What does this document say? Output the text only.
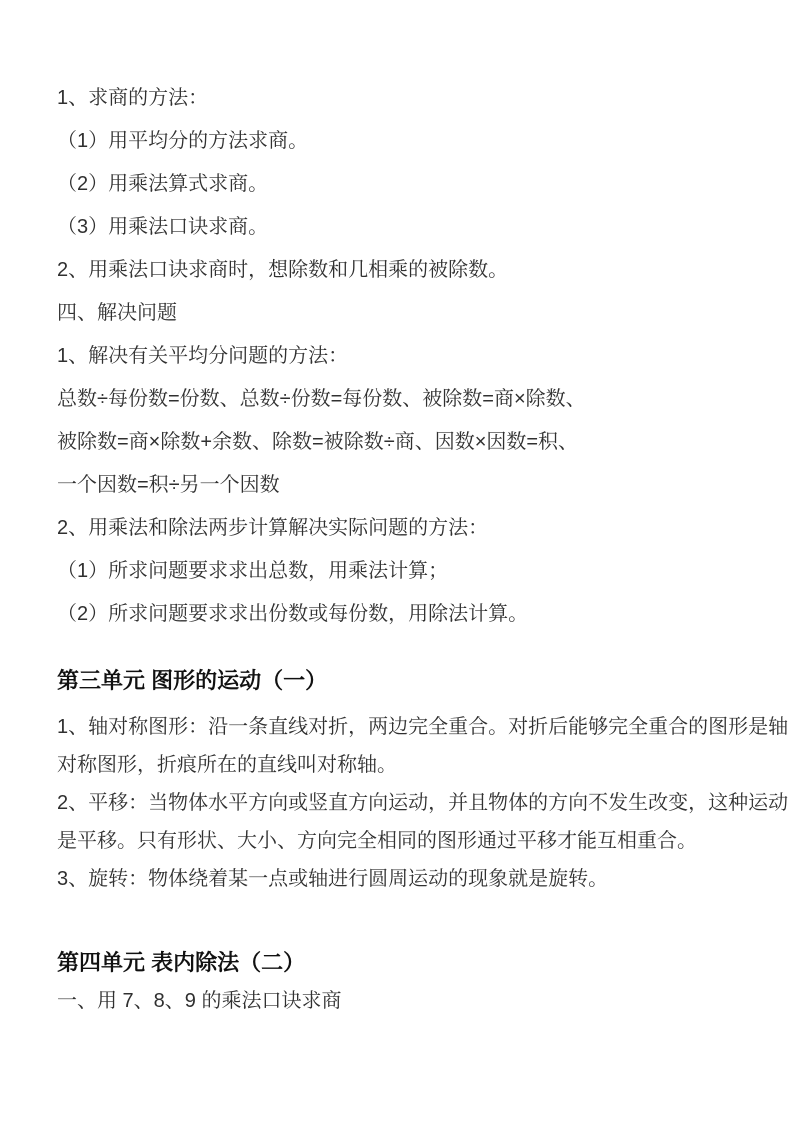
1、求商的方法：

（1）用平均分的方法求商。

（2）用乘法算式求商。

（3）用乘法口诀求商。

2、用乘法口诀求商时，想除数和几相乘的被除数。

四、解决问题

1、解决有关平均分问题的方法：

总数÷每份数=份数、总数÷份数=每份数、被除数=商×除数、

被除数=商×除数+余数、除数=被除数÷商、因数×因数=积、

一个因数=积÷另一个因数

2、用乘法和除法两步计算解决实际问题的方法：

（1）所求问题要求求出总数，用乘法计算；

（2）所求问题要求求出份数或每份数，用除法计算。

第三单元 图形的运动（一）

1、轴对称图形：沿一条直线对折，两边完全重合。对折后能够完全重合的图形是轴

对称图形，折痕所在的直线叫对称轴。

2、平移：当物体水平方向或竖直方向运动，并且物体的方向不发生改变，这种运动

是平移。只有形状、大小、方向完全相同的图形通过平移才能互相重合。

3、旋转：物体绕着某一点或轴进行圆周运动的现象就是旋转。

第四单元 表内除法（二）

一、用 7、8、9 的乘法口诀求商
